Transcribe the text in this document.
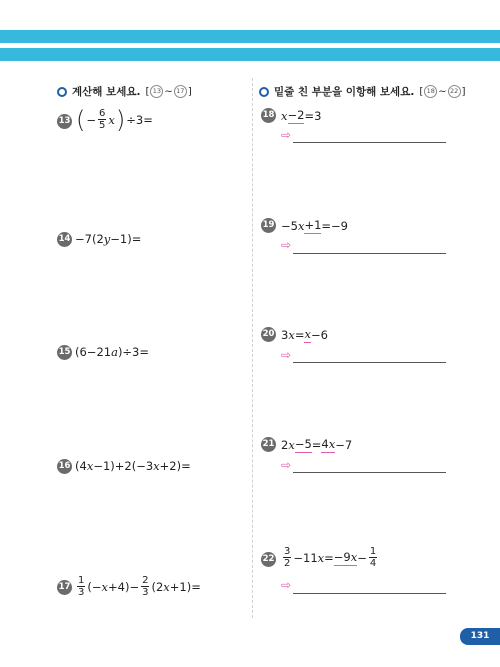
계산해 보세요. [ 13 ~ 17 ]	밑줄 친 부분을 이항해 보세요. [ 18 ~ 22 ]
13 ( − $\frac{6}{5}$ x ) ÷3=
14 −7(2 y −1)=
15 (6−21 a )÷3=
16 (4 x −1)+2(−3 x +2)=
$17 \frac{1}{3}$ (− $x +4)- \frac{2}{3} (2$ x +1)=
18 x −2 =3
⇨
19 −5 x +1 =−9
⇨
20 3 x = x −6
⇨
21 2 x −5 = 4x −7
⇨
$22 \frac{3}{2} -11$ $x = -9x - \frac{1}{4}$
⇨
131
